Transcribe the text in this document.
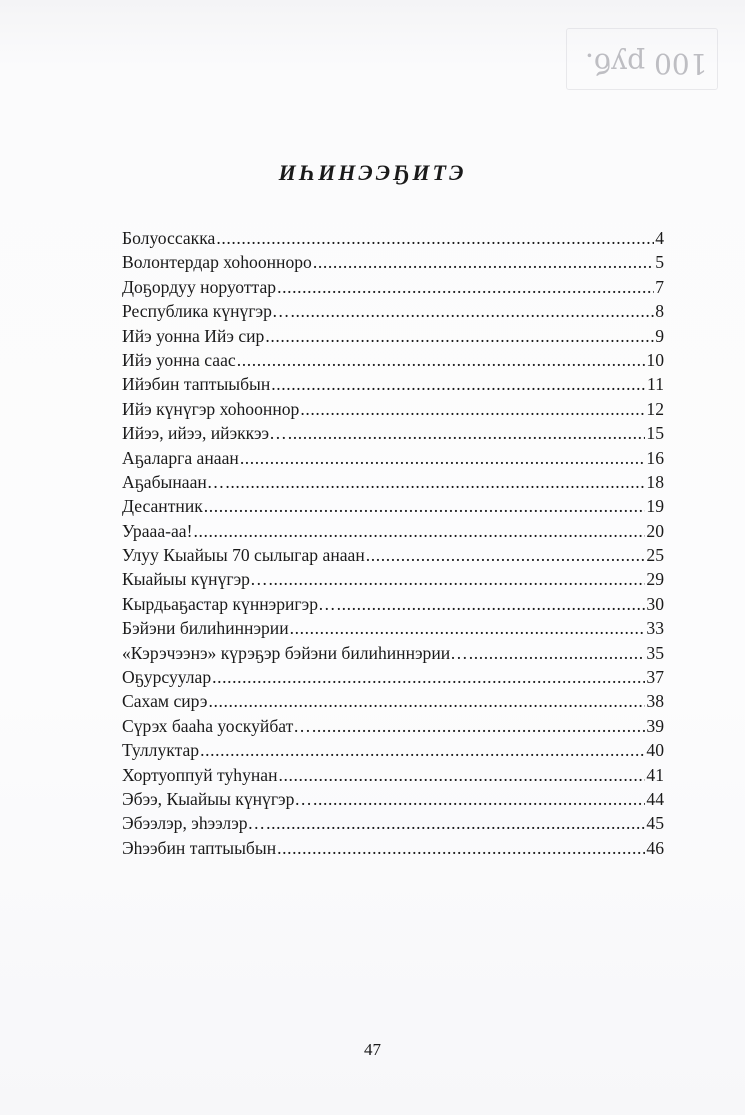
100 руб.
ИҺИНЭЭҔИТЭ
Болуоссакка .....	4
Волонтердар хоһоонноро .....	5
Доҕордуу норуоттар .....	7
Республика күнүгэр… .....	8
Ийэ уонна Ийэ сир .....	9
Ийэ уонна саас .....	10
Ийэбин таптыыбын .....	11
Ийэ күнүгэр хоһооннор .....	12
Ийээ, ийээ, ийэккээ… .....	15
Аҕаларга анаан .....	16
Аҕабынаан… .....	18
Десантник .....	19
Урааа-аа! .....	20
Улуу Кыайыы 70 сылыгар анаан .....	25
Кыайыы күнүгэр… .....	29
Кырдьаҕастар күннэригэр… .....	30
Бэйэни билиһиннэрии .....	33
«Кэрэчээнэ» күрэҕэр бэйэни билиһиннэрии… .....	35
Оҕурсуулар .....	37
Сахам сирэ .....	38
Сүрэх бааһа уоскуйбат… .....	39
Туллуктар .....	40
Хортуоппуй туһунан .....	41
Эбээ, Кыайыы күнүгэр… .....	44
Эбээлэр, эһээлэр… .....	45
Эһээбин таптыыбын .....	46
47
